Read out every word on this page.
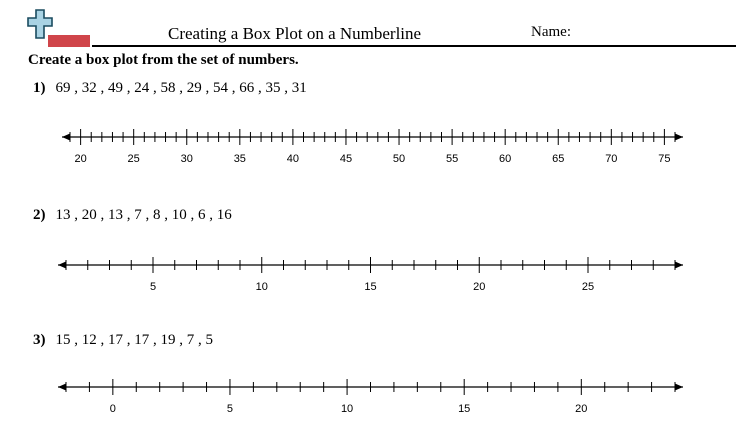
Creating a Box Plot on a Numberline	Name:
Create a box plot from the set of numbers.
1) 69 , 32 , 49 , 24 , 58 , 29 , 54 , 66 , 35 , 31
20	25	30	35	40	45	50	55	60	65	70	75
2) 13 , 20 , 13 , 7 , 8 , 10 , 6 , 16
5	10	15	20	25
3) 15 , 12 , 17 , 17 , 19 , 7 , 5
0	5	10	15	20
